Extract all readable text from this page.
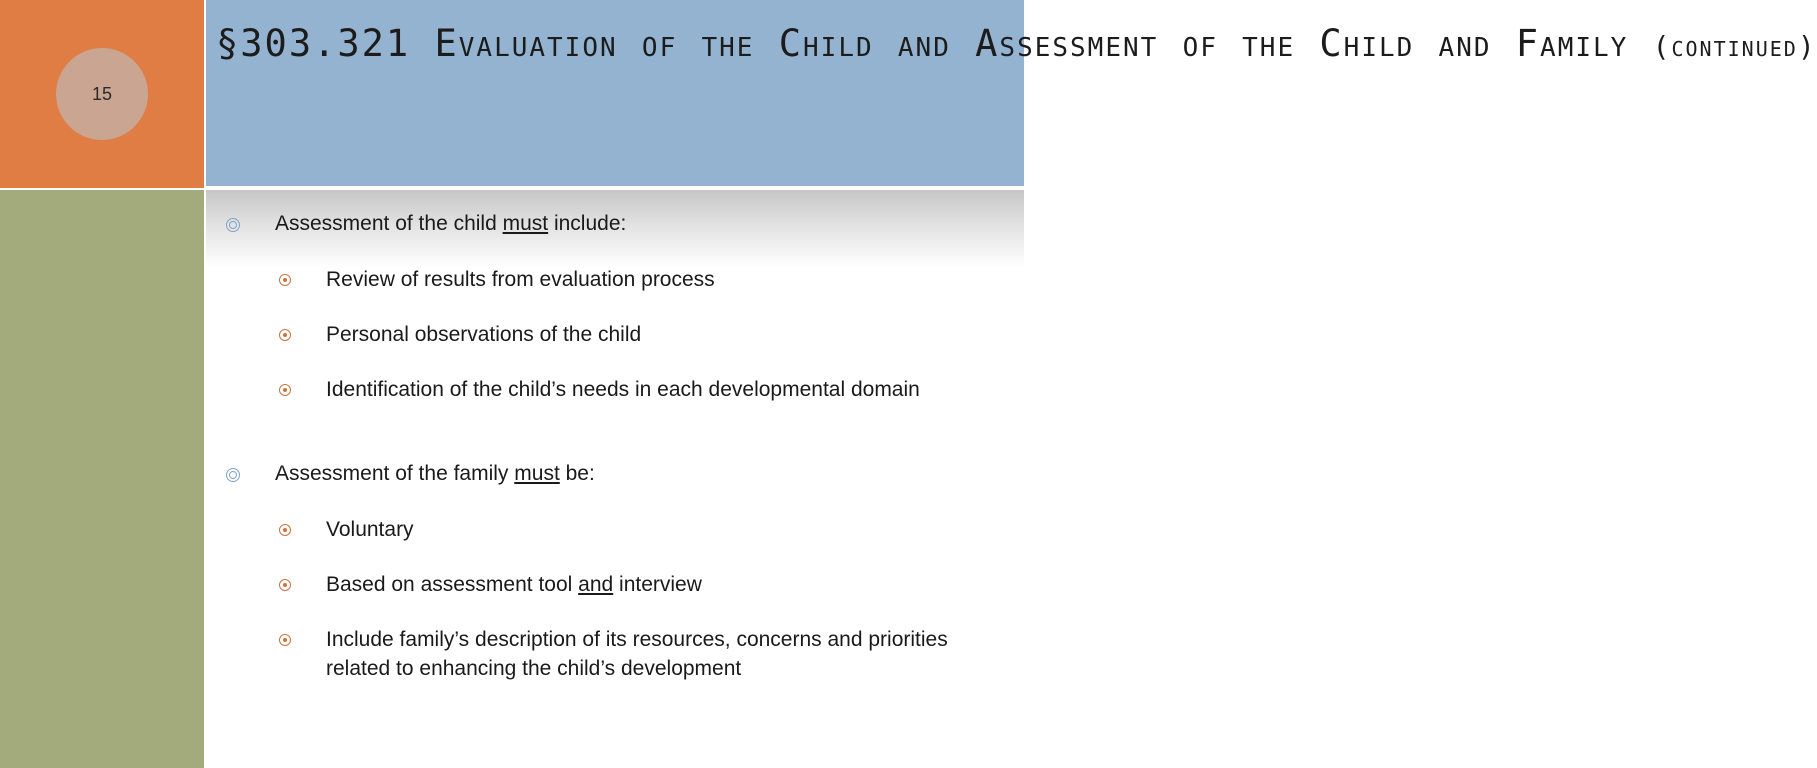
15
§303.321 Evaluation of the Child and Assessment of the Child and Family (continued)
Assessment of the child must include:
Review of results from evaluation process
Personal observations of the child
Identification of the child’s needs in each developmental domain
Assessment of the family must be:
Voluntary
Based on assessment tool and interview
Include family’s description of its resources, concerns and priorities related to enhancing the child’s development
